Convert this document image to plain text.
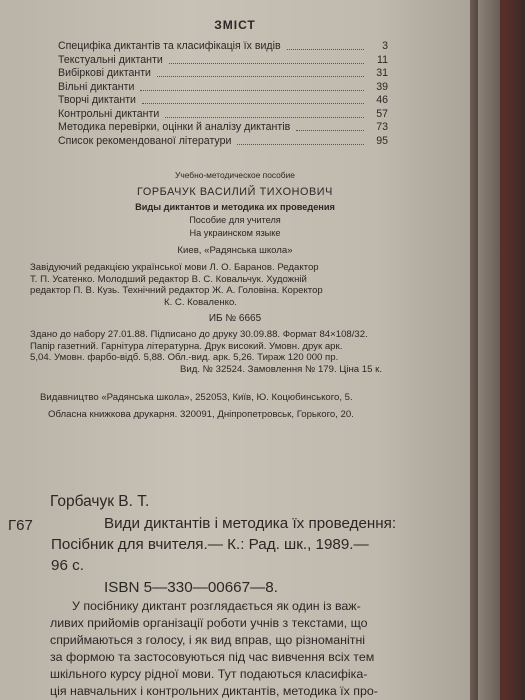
ЗМІСТ
Специфіка диктантів та класифікація їх видів	3
Текстуальні диктанти	11
Вибіркові диктанти	31
Вільні диктанти	39
Творчі диктанти	46
Контрольні диктанти	57
Методика перевірки, оцінки й аналізу диктантів	73
Список рекомендованої літератури	95
Учебно-методическое пособие
ГОРБАЧУК ВАСИЛИЙ ТИХОНОВИЧ
Виды диктантов и методика их проведения
Пособие для учителя
На украинском языке
Киев, «Радянська школа»
Завідуючий редакцією української мови Л. О. Баранов. Редактор
Т. П. Усатенко. Молодший редактор В. С. Ковальчук. Художній
редактор П. В. Кузь. Технічний редактор Ж. А. Головіна. Коректор
К. С. Коваленко.
ИБ № 6665
Здано до набору 27.01.88. Підписано до друку 30.09.88. Формат 84×108/32.
Папір газетний. Гарнітура літературна. Друк високий. Умовн. друк арк.
5,04. Умовн. фарбо-відб. 5,88. Обл.-вид. арк. 5,26. Тираж 120 000 пр.
Вид. № 32524. Замовлення № 179. Ціна 15 к.
Видавництво «Радянська школа», 252053, Київ, Ю. Коцюбинського, 5.
Обласна книжкова друкарня. 320091, Дніпропетровськ, Горького, 20.
Горбачук В. Т.
Г67	Види диктантів і методика їх проведення:
Посібник для вчителя.— К.: Рад. шк., 1989.—
96 с.
ISBN 5—330—00667—8.
У посібнику диктант розглядається як один із важ-
ливих прийомів організації роботи учнів з текстами, що
сприймаються з голосу, і як вид вправ, що різноманітні
за формою та застосовуються під час вивчення всіх тем
шкільного курсу рідної мови. Тут подаються класифіка-
ція навчальних і контрольних диктантів, методика їх про-
